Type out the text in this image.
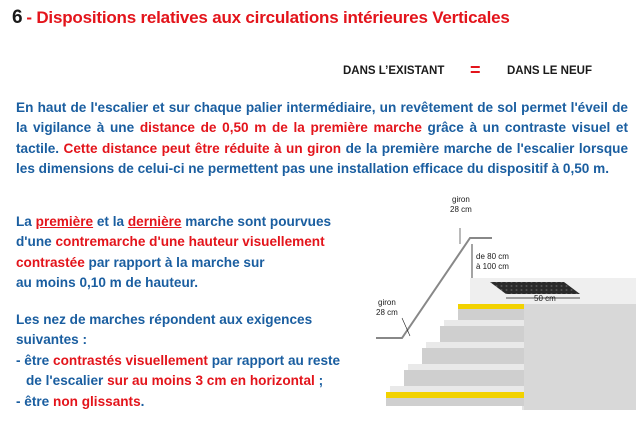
6 - Dispositions relatives aux circulations intérieures Verticales
DANS L’EXISTANT = DANS LE NEUF
En haut de l'escalier et sur chaque palier intermédiaire, un revêtement de sol permet l'éveil de la vigilance à une distance de 0,50 m de la première marche grâce à un contraste visuel et tactile. Cette distance peut être réduite à un giron de la première marche de l'escalier lorsque les dimensions de celui-ci ne permettent pas une installation efficace du dispositif à 0,50 m.
La première et la dernière marche sont pourvues
d'une contremarche d'une hauteur visuellement
contrastée par rapport à la marche sur
au moins 0,10 m de hauteur.
Les nez de marches répondent aux exigences
suivantes :
- être contrastés visuellement par rapport au reste
de l'escalier sur au moins 3 cm en horizontal ;
- être non glissants.
50 cm
de 80 cm
à 100 cm
giron
28 cm
giron
28 cm
